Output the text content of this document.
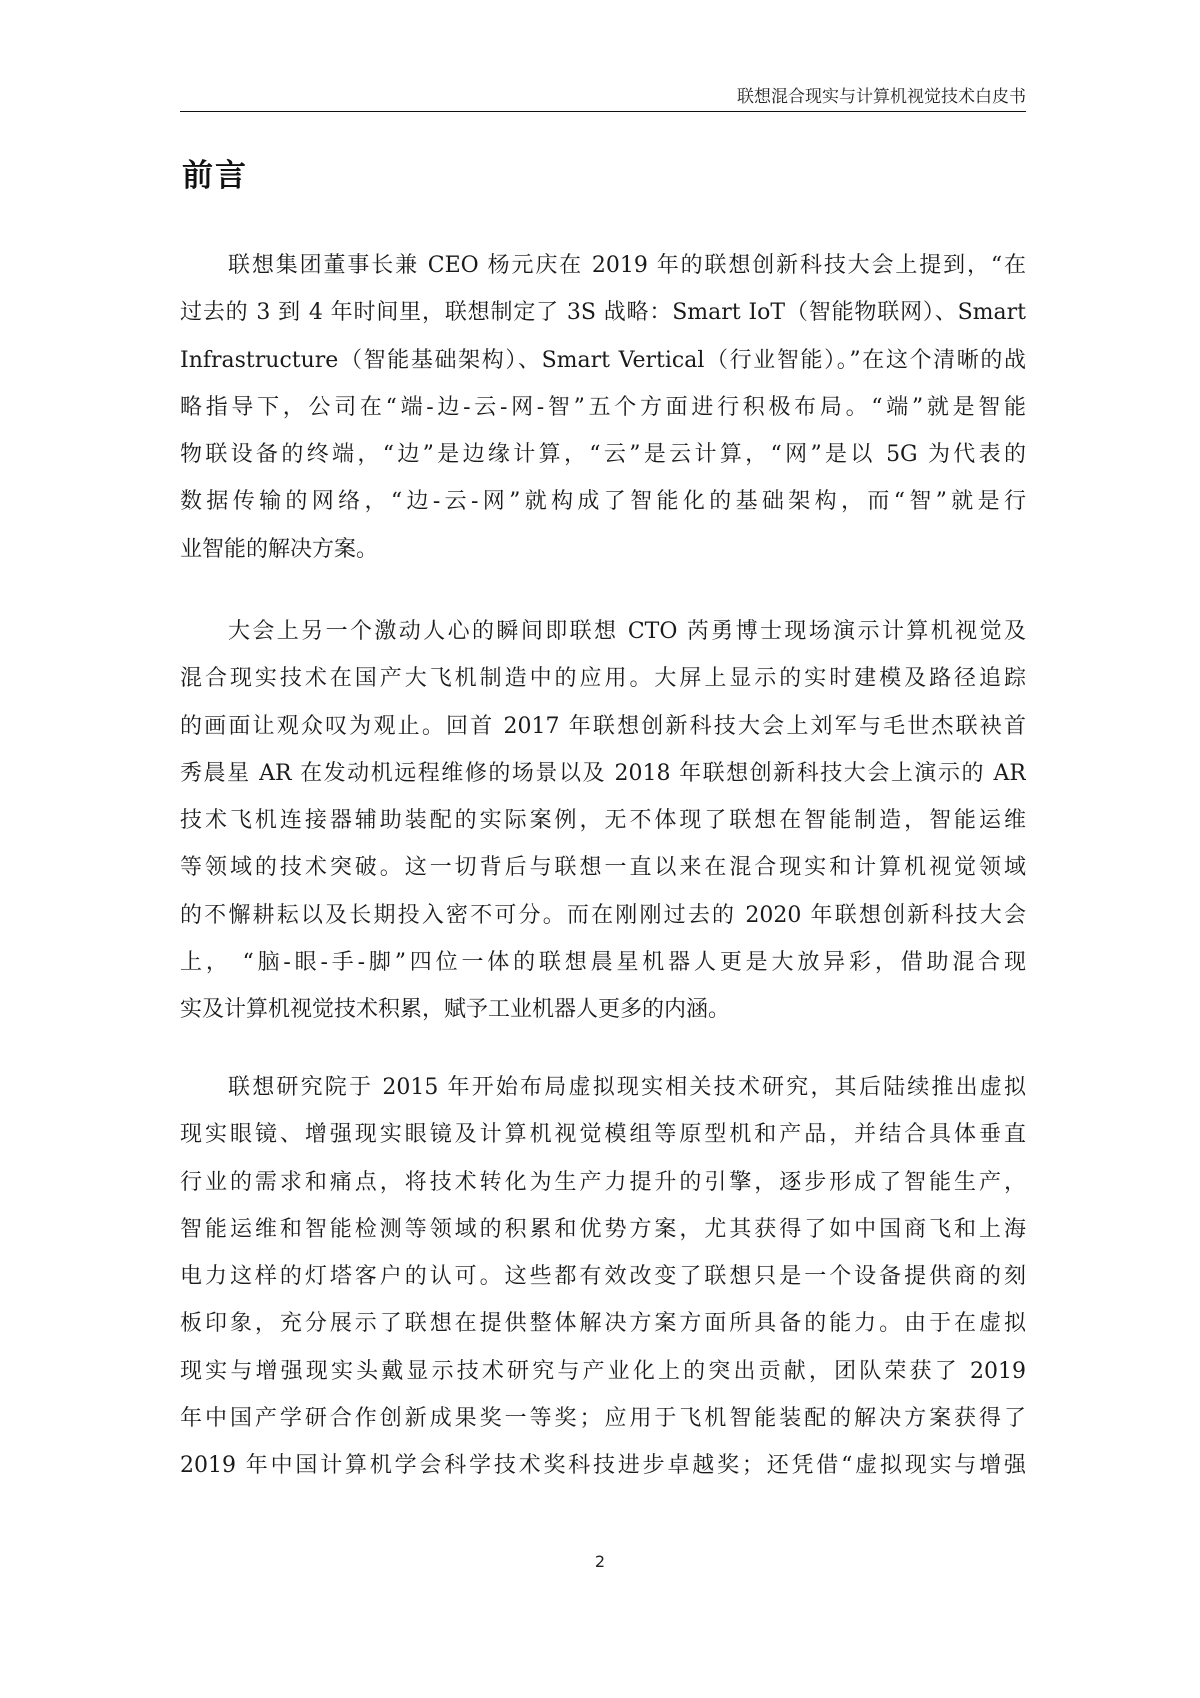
联想混合现实与计算机视觉技术白皮书
前言
联想集团董事长兼 CEO 杨元庆在 2019 年的联想创新科技大会上提到，“在
过去的 3 到 4 年时间里，联想制定了 3S 战略：Smart IoT（智能物联网）、Smart
Infrastructure（智能基础架构）、Smart Vertical（行业智能）。”在这个清晰的战
略指导下，公司在“端-边-云-网-智”五个方面进行积极布局。“端”就是智能
物联设备的终端，“边”是边缘计算，“云”是云计算，“网”是以 5G 为代表的
数据传输的网络，“边-云-网”就构成了智能化的基础架构，而“智”就是行
业智能的解决方案。
大会上另一个激动人心的瞬间即联想 CTO 芮勇博士现场演示计算机视觉及
混合现实技术在国产大飞机制造中的应用。大屏上显示的实时建模及路径追踪
的画面让观众叹为观止。回首 2017 年联想创新科技大会上刘军与毛世杰联袂首
秀晨星 AR 在发动机远程维修的场景以及 2018 年联想创新科技大会上演示的 AR
技术飞机连接器辅助装配的实际案例，无不体现了联想在智能制造，智能运维
等领域的技术突破。这一切背后与联想一直以来在混合现实和计算机视觉领域
的不懈耕耘以及长期投入密不可分。而在刚刚过去的 2020 年联想创新科技大会
上， “脑-眼-手-脚”四位一体的联想晨星机器人更是大放异彩，借助混合现
实及计算机视觉技术积累，赋予工业机器人更多的内涵。
联想研究院于 2015 年开始布局虚拟现实相关技术研究，其后陆续推出虚拟
现实眼镜、增强现实眼镜及计算机视觉模组等原型机和产品，并结合具体垂直
行业的需求和痛点，将技术转化为生产力提升的引擎，逐步形成了智能生产，
智能运维和智能检测等领域的积累和优势方案，尤其获得了如中国商飞和上海
电力这样的灯塔客户的认可。这些都有效改变了联想只是一个设备提供商的刻
板印象，充分展示了联想在提供整体解决方案方面所具备的能力。由于在虚拟
现实与增强现实头戴显示技术研究与产业化上的突出贡献，团队荣获了 2019
年中国产学研合作创新成果奖一等奖；应用于飞机智能装配的解决方案获得了
2019 年中国计算机学会科学技术奖科技进步卓越奖；还凭借“虚拟现实与增强
2
